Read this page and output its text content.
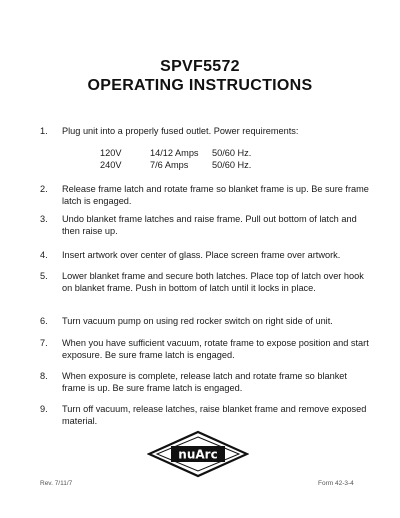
SPVF5572
OPERATING INSTRUCTIONS
1.	Plug unit into a properly fused outlet. Power requirements:
120V	14/12 Amps 50/60 Hz.
240V	7/6 Amps	50/60 Hz.
2.	Release frame latch and rotate frame so blanket frame is up. Be sure frame latch is engaged.
3.	Undo blanket frame latches and raise frame. Pull out bottom of latch and then raise up.
4.	Insert artwork over center of glass. Place screen frame over artwork.
5.	Lower blanket frame and secure both latches. Place top of latch over hook on blanket frame. Push in bottom of latch until it locks in place.
6.	Turn vacuum pump on using red rocker switch on right side of unit.
7.	When you have sufficient vacuum, rotate frame to expose position and start exposure. Be sure frame latch is engaged.
8.	When exposure is complete, release latch and rotate frame so blanket frame is up. Be sure frame latch is engaged.
9.	Turn off vacuum, release latches, raise blanket frame and remove exposed material.
nuArc
Rev. 7/11/7	Form 42-3-4
